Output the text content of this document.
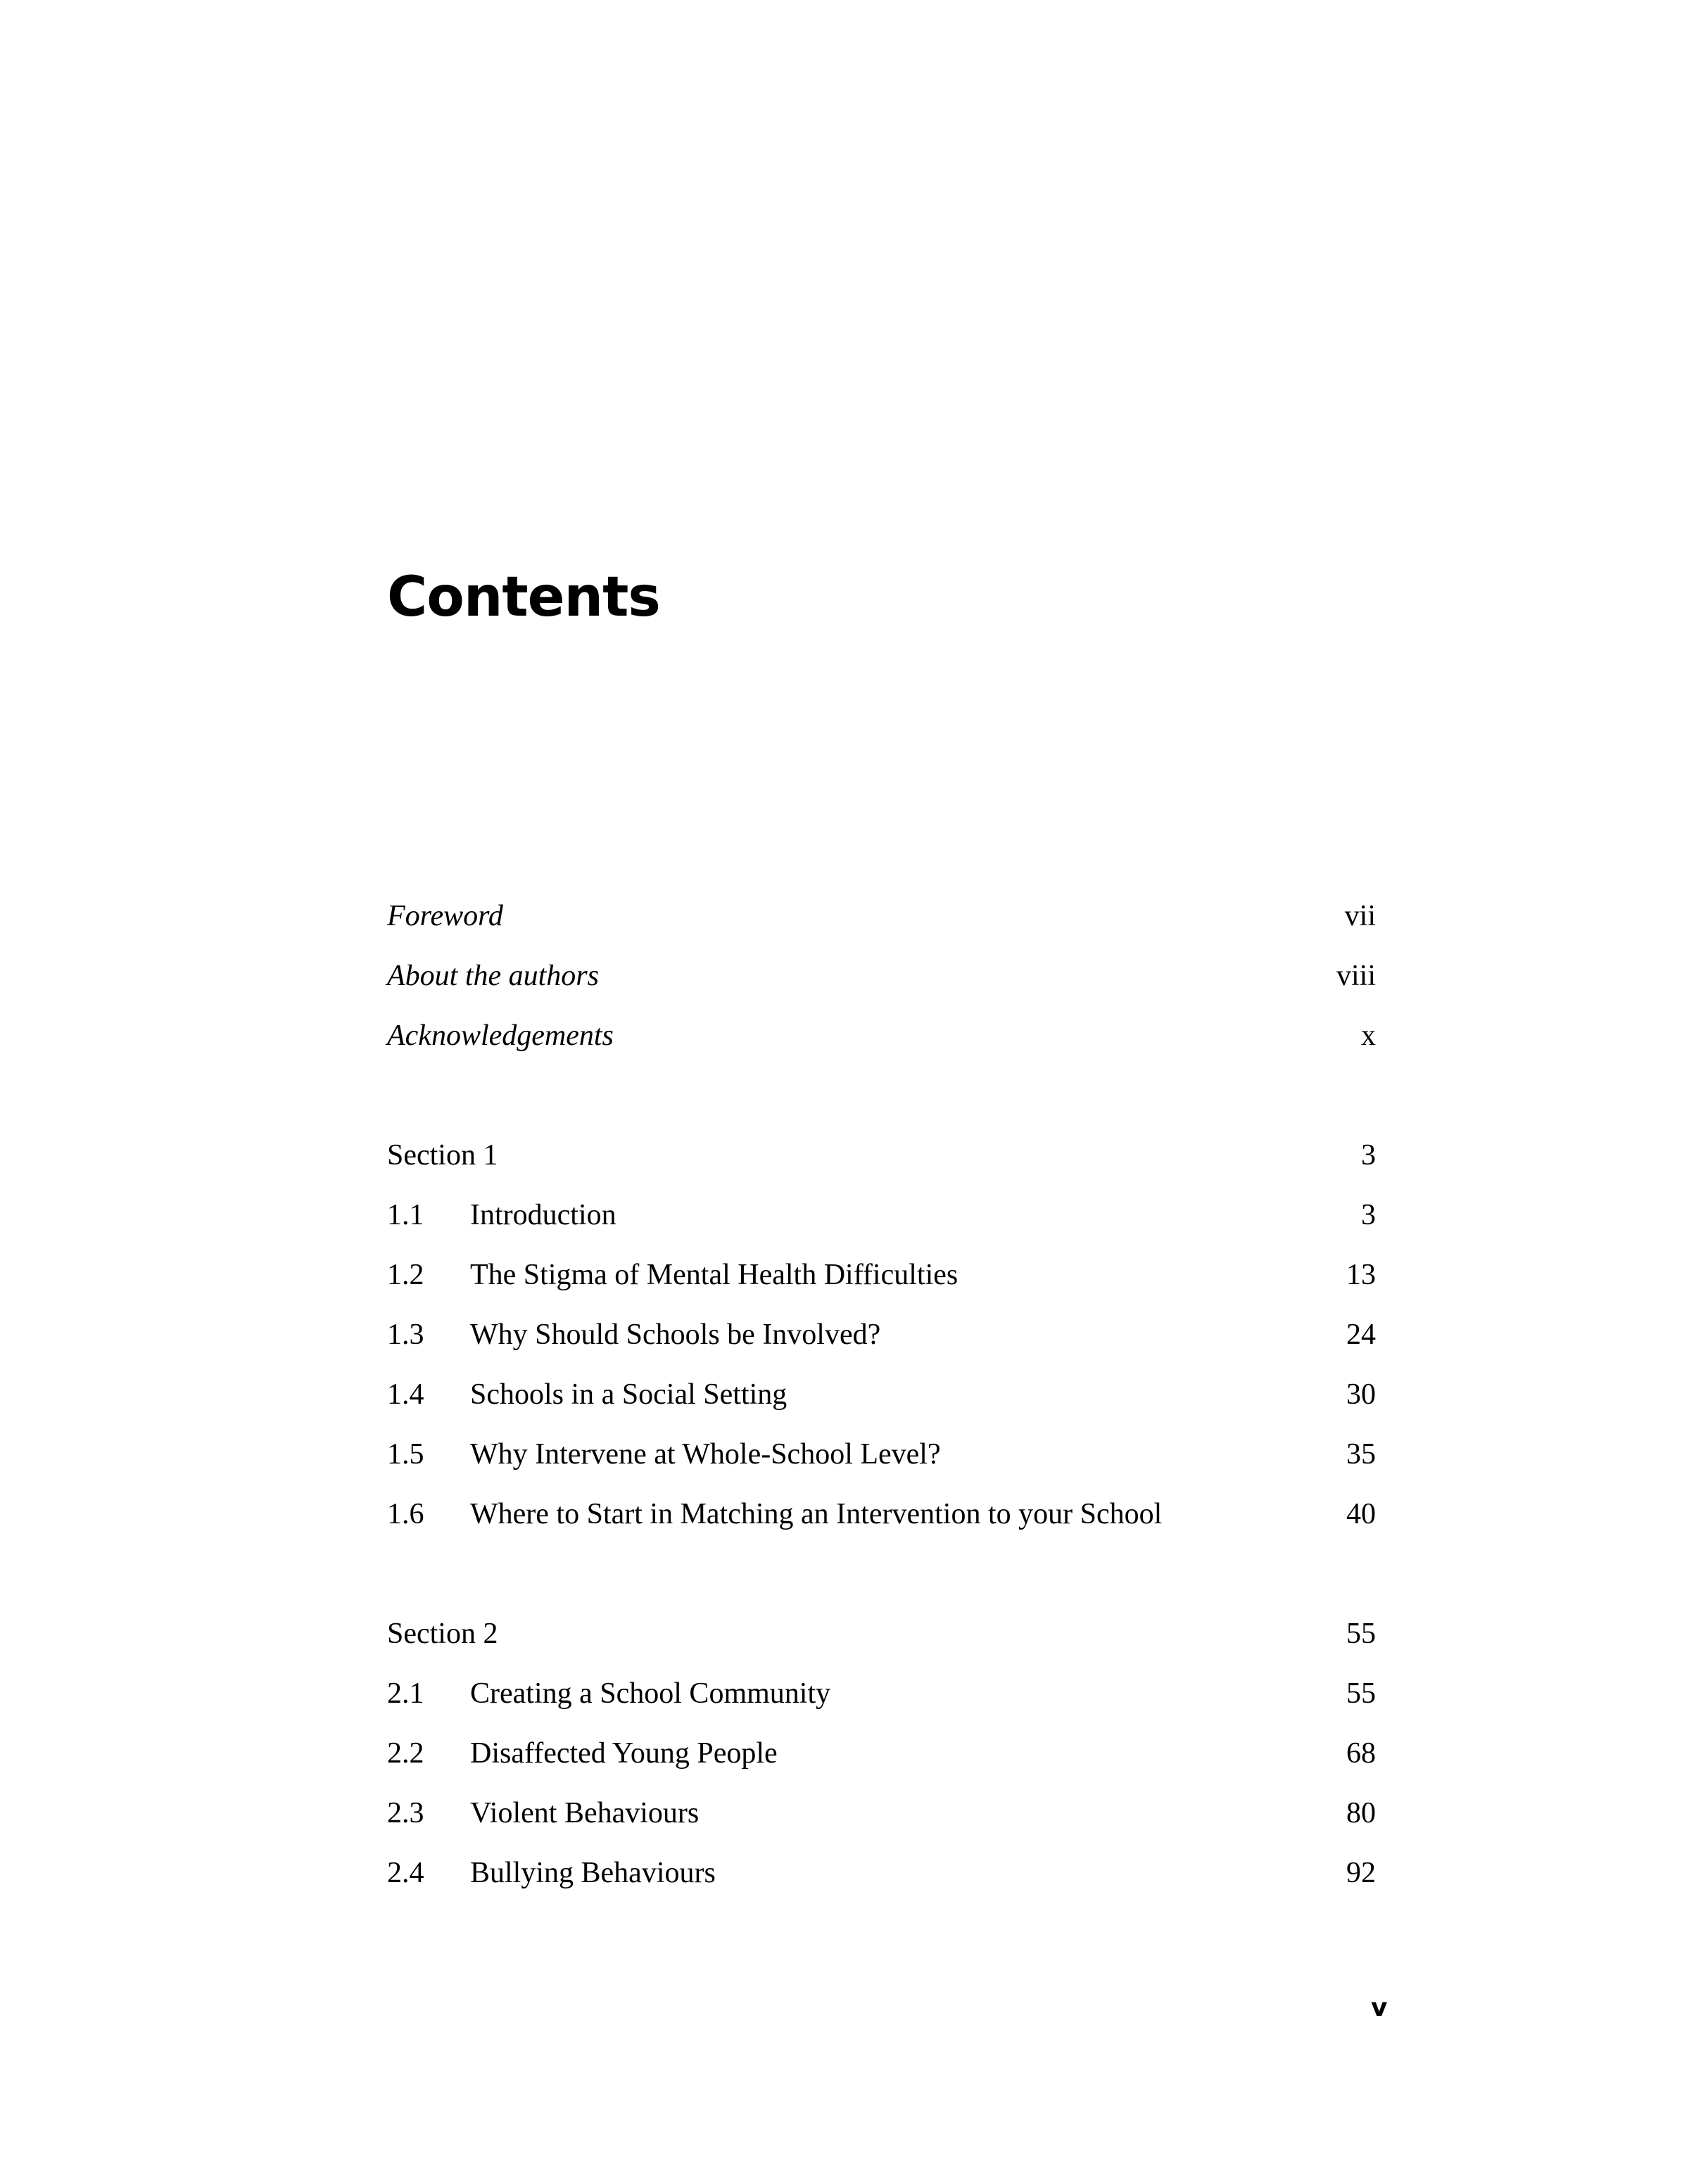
Contents
Foreword	vii
About the authors	viii
Acknowledgements	x
Section 1	3
1.1 Introduction	3
1.2 The Stigma of Mental Health Difficulties	13
1.3 Why Should Schools be Involved?	24
1.4 Schools in a Social Setting	30
1.5 Why Intervene at Whole-School Level?	35
1.6 Where to Start in Matching an Intervention to your School	40
Section 2	55
2.1 Creating a School Community	55
2.2 Disaffected Young People	68
2.3 Violent Behaviours	80
2.4 Bullying Behaviours	92
v
